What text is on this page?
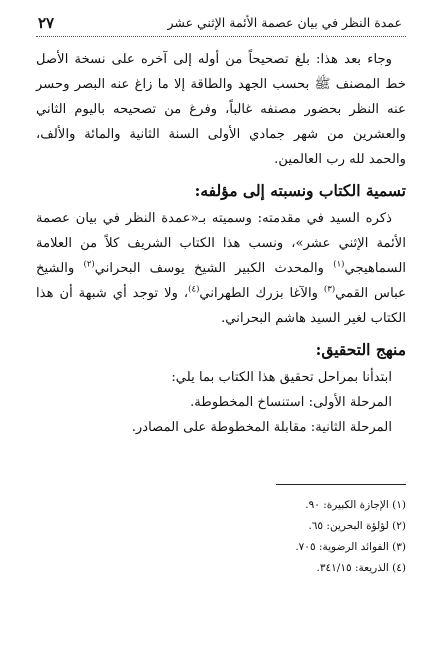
عمدة النظر في بيان عصمة الأئمة الإثني عشر
٢٧

وجاء بعد هذا: بلغ تصحيحاً من أوله إلى آخره على نسخة الأصل خط المصنف ﷺ بحسب الجهد والطاقة إلا ما زاغ عنه البصر وحسر عنه النظر بحضور مصنفه غالباً، وفرغ من تصحيحه باليوم الثاني والعشرين من شهر جمادي الأولى السنة الثانية والمائة والألف، والحمد لله رب العالمين.

تسمية الكتاب ونسبته إلى مؤلفه:

ذكره السيد في مقدمته: وسميته بـ«عمدة النظر في بيان عصمة الأئمة الإثني عشر»، ونسب هذا الكتاب الشريف كلاً من العلامة السماهيجي$^{(١)}$ والمحدث الكبير الشيخ يوسف البحراني$^{(٢)}$ والشيخ عباس القمي$^{(٣)}$ والآغا بزرك الطهراني$^{(٤)}$، ولا توجد أي شبهة أن هذا الكتاب لغير السيد هاشم البحراني.

منهج التحقيق:

ابتدأنا بمراحل تحقيق هذا الكتاب بما يلي:

المرحلة الأولى: استنساخ المخطوطة.

المرحلة الثانية: مقابلة المخطوطة على المصادر.

(١) الإجازة الكبيرة: ٩٠.

(٢) لؤلؤة البحرين: ٦٥.

(٣) الفوائد الرضوية: ٧٠٥.

(٤) الذريعة: ٣٤١/١٥.
